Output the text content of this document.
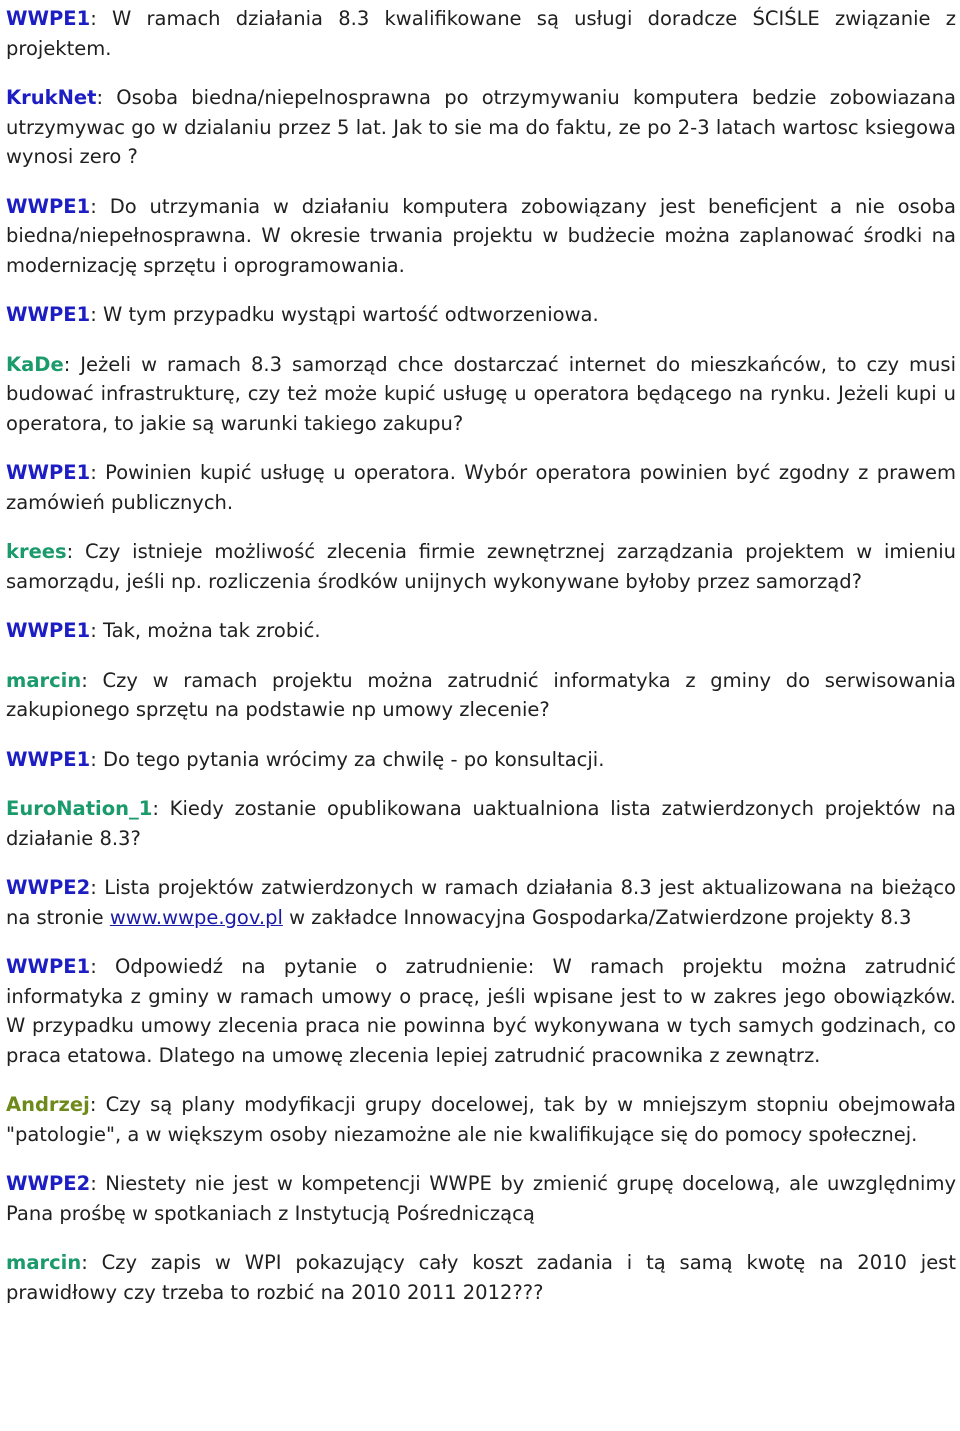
WWPE1: W ramach działania 8.3 kwalifikowane są usługi doradcze ŚCIŚLE związanie z projektem.

KrukNet: Osoba biedna/niepelnosprawna po otrzymywaniu komputera bedzie zobowiazana utrzymywac go w dzialaniu przez 5 lat. Jak to sie ma do faktu, ze po 2-3 latach wartosc ksiegowa wynosi zero ?

WWPE1: Do utrzymania w działaniu komputera zobowiązany jest beneficjent a nie osoba biedna/niepełnosprawna. W okresie trwania projektu w budżecie można zaplanować środki na modernizację sprzętu i oprogramowania.

WWPE1: W tym przypadku wystąpi wartość odtworzeniowa.

KaDe: Jeżeli w ramach 8.3 samorząd chce dostarczać internet do mieszkańców, to czy musi budować infrastrukturę, czy też może kupić usługę u operatora będącego na rynku. Jeżeli kupi u operatora, to jakie są warunki takiego zakupu?

WWPE1: Powinien kupić usługę u operatora. Wybór operatora powinien być zgodny z prawem zamówień publicznych.

krees: Czy istnieje możliwość zlecenia firmie zewnętrznej zarządzania projektem w imieniu samorządu, jeśli np. rozliczenia środków unijnych wykonywane byłoby przez samorząd?

WWPE1: Tak, można tak zrobić.

marcin: Czy w ramach projektu można zatrudnić informatyka z gminy do serwisowania zakupionego sprzętu na podstawie np umowy zlecenie?

WWPE1: Do tego pytania wrócimy za chwilę - po konsultacji.

EuroNation_1: Kiedy zostanie opublikowana uaktualniona lista zatwierdzonych projektów na działanie 8.3?

WWPE2: Lista projektów zatwierdzonych w ramach działania 8.3 jest aktualizowana na bieżąco na stronie www.wwpe.gov.pl w zakładce Innowacyjna Gospodarka/Zatwierdzone projekty 8.3

WWPE1: Odpowiedź na pytanie o zatrudnienie: W ramach projektu można zatrudnić informatyka z gminy w ramach umowy o pracę, jeśli wpisane jest to w zakres jego obowiązków. W przypadku umowy zlecenia praca nie powinna być wykonywana w tych samych godzinach, co praca etatowa. Dlatego na umowę zlecenia lepiej zatrudnić pracownika z zewnątrz.

Andrzej: Czy są plany modyfikacji grupy docelowej, tak by w mniejszym stopniu obejmowała "patologie", a w większym osoby niezamożne ale nie kwalifikujące się do pomocy społecznej.

WWPE2: Niestety nie jest w kompetencji WWPE by zmienić grupę docelową, ale uwzględnimy Pana prośbę w spotkaniach z Instytucją Pośredniczącą

marcin: Czy zapis w WPI pokazujący cały koszt zadania i tą samą kwotę na 2010 jest prawidłowy czy trzeba to rozbić na 2010 2011 2012???
